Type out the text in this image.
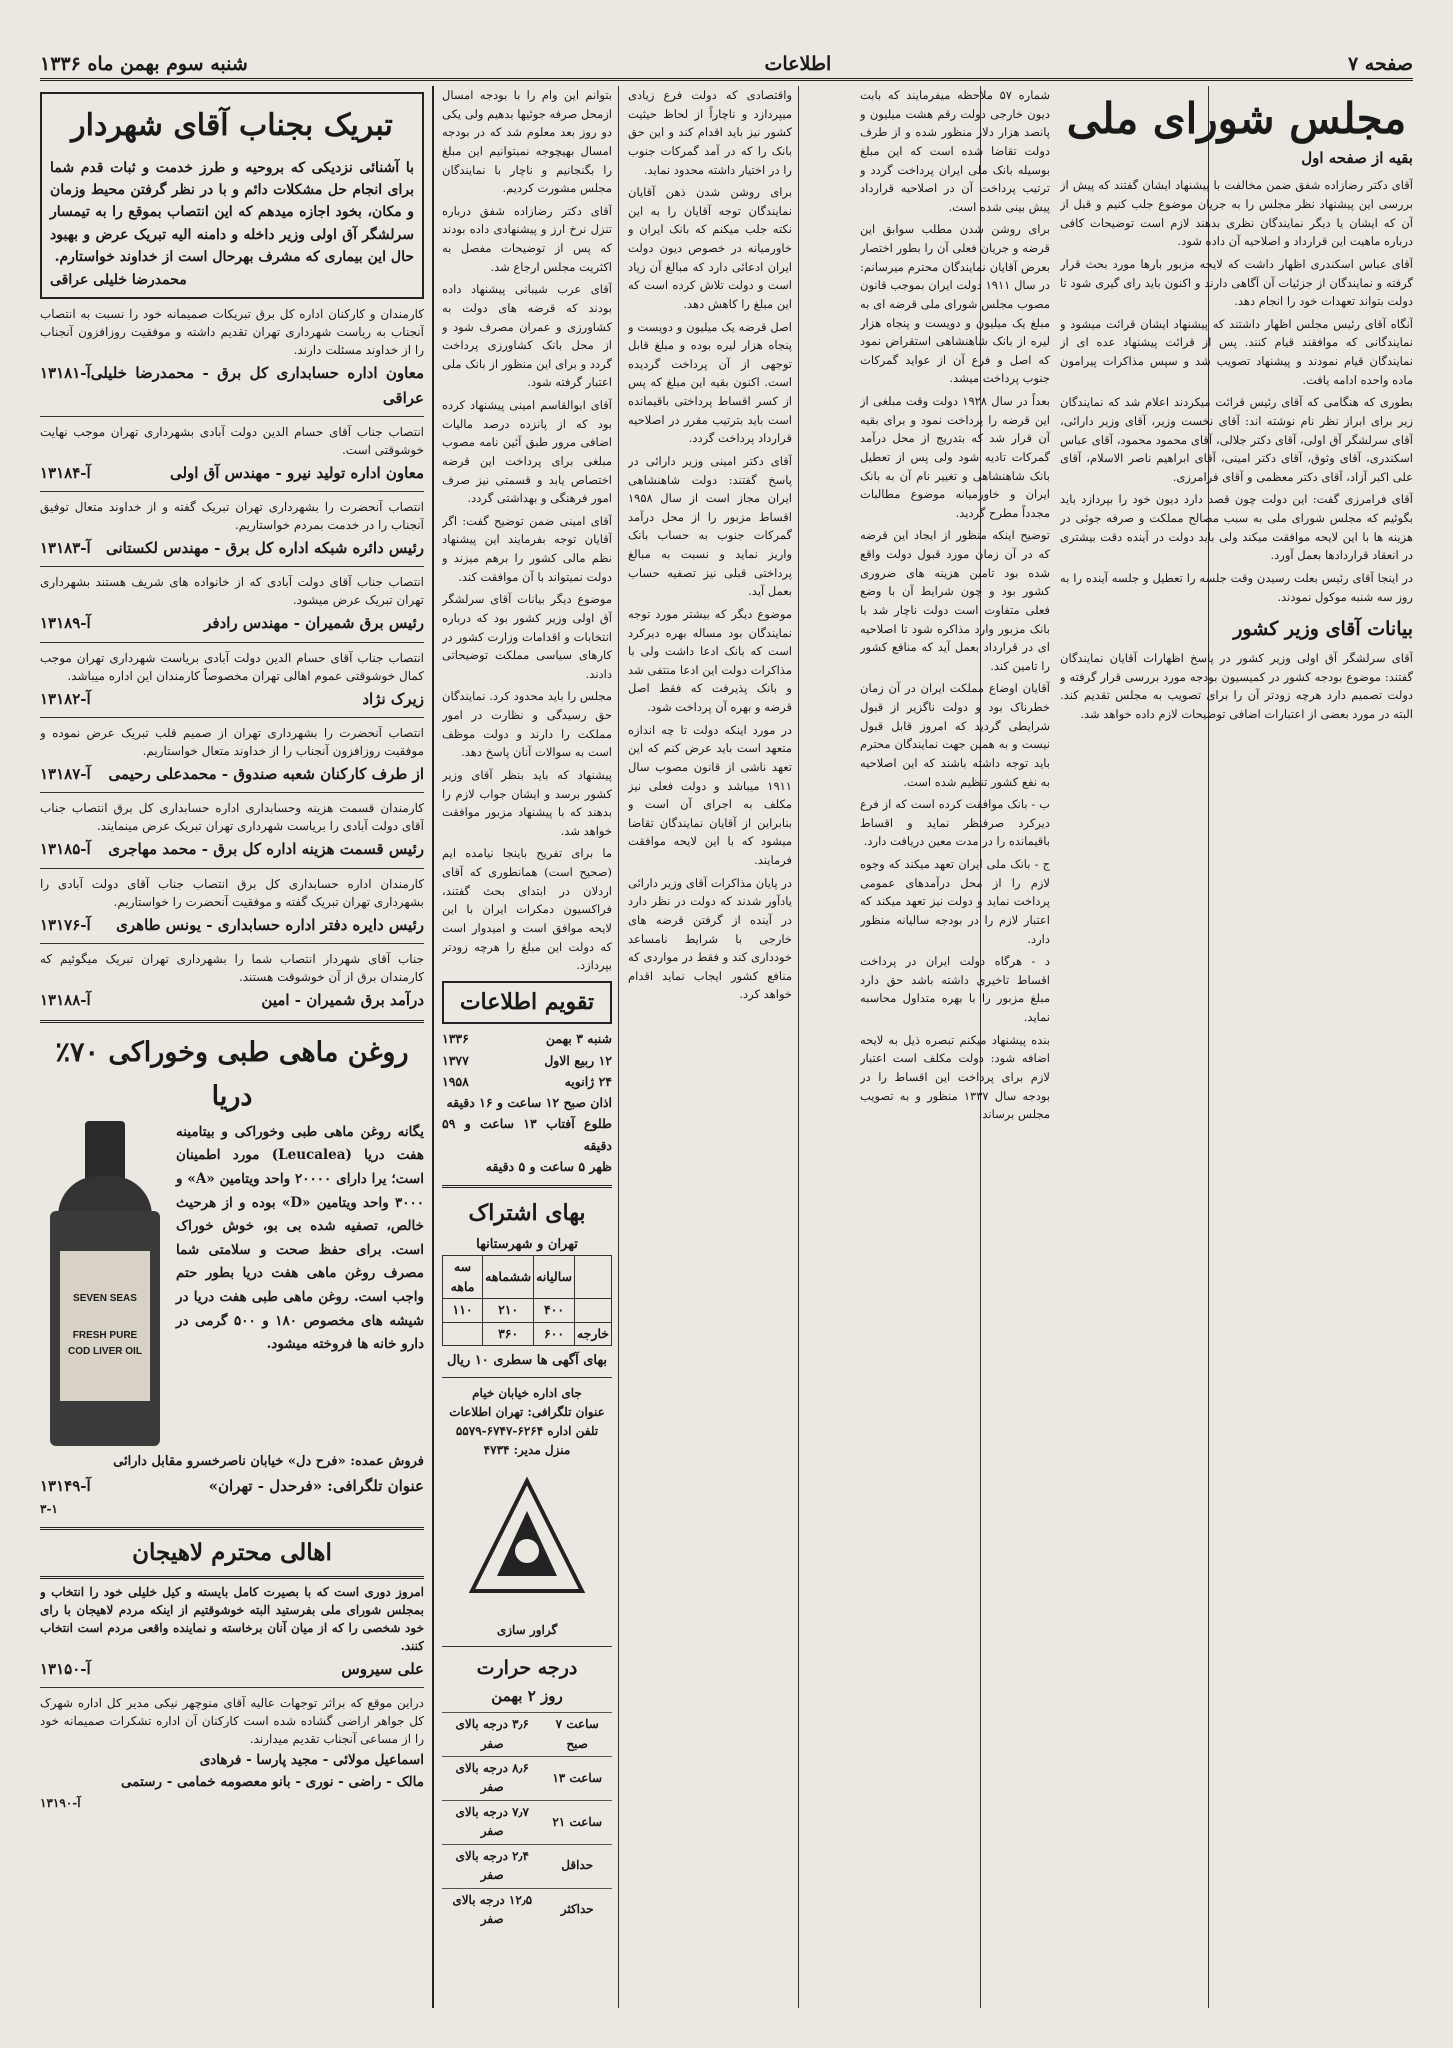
صفحه ۷
اطلاعات
شنبه سوم بهمن ماه ۱۳۳۶
مجلس شورای ملی
بقیه از صفحه اول

آقای دکتر رضازاده شفق ضمن مخالفت با پیشنهاد ایشان گفتند که پیش از بررسی این پیشنهاد نظر مجلس را به جریان موضوع جلب کنیم و قبل از آن که ایشان یا دیگر نمایندگان نظری بدهند لازم است توضیحات کافی درباره ماهیت این قرارداد و اصلاحیه آن داده شود.

آقای عباس اسکندری اظهار داشت که لایحه مزبور بارها مورد بحث قرار گرفته و نمایندگان از جزئیات آن آگاهی دارند و اکنون باید رای گیری شود تا دولت بتواند تعهدات خود را انجام دهد.

آنگاه آقای رئیس مجلس اظهار داشتند که پیشنهاد ایشان قرائت میشود و نمایندگانی که موافقند قیام کنند. پس از قرائت پیشنهاد عده ای از نمایندگان قیام نمودند و پیشنهاد تصویب شد و سپس مذاکرات پیرامون ماده واحده ادامه یافت.

بطوری که هنگامی که آقای رئیس قرائت میکردند اعلام شد که نمایندگان زیر برای ابراز نظر نام نوشته اند: آقای نخست وزیر، آقای وزیر دارائی، آقای سرلشگر آق اولی، آقای دکتر جلالی، آقای محمود محمود، آقای عباس اسکندری، آقای وثوق، آقای دکتر امینی، آقای ابراهیم ناصر الاسلام، آقای علی اکبر آزاد، آقای دکتر معظمی و آقای فرامرزی.

آقای فرامرزی گفت: این دولت چون قصد دارد دیون خود را بپردازد باید بگوئیم که مجلس شورای ملی به سبب مصالح مملکت و صرفه جوئی در هزینه ها با این لایحه موافقت میکند ولی باید دولت در آینده دقت بیشتری در انعقاد قراردادها بعمل آورد.

در اینجا آقای رئیس بعلت رسیدن وقت جلسه را تعطیل و جلسه آینده را به روز سه شنبه موکول نمودند.

بیانات آقای وزیر کشور

آقای سرلشگر آق اولی وزیر کشور در پاسخ اظهارات آقایان نمایندگان گفتند: موضوع بودجه کشور در کمیسیون بودجه مورد بررسی قرار گرفته و دولت تصمیم دارد هرچه زودتر آن را برای تصویب به مجلس تقدیم کند. البته در مورد بعضی از اعتبارات اضافی توضیحات لازم داده خواهد شد.

شماره ۵۷ ملاحظه میفرمایند که بابت دیون خارجی دولت رقم هشت میلیون و پانصد هزار دلار منظور شده و از طرف دولت تقاضا شده است که این مبلغ بوسیله بانک ملی ایران پرداخت گردد و ترتیب پرداخت آن در اصلاحیه قرارداد پیش بینی شده است.

برای روشن شدن مطلب سوابق این قرضه و جریان فعلی آن را بطور اختصار بعرض آقایان نمایندگان محترم میرسانم: در سال ۱۹۱۱ دولت ایران بموجب قانون مصوب مجلس شورای ملی قرضه ای به مبلغ یک میلیون و دویست و پنجاه هزار لیره از بانک شاهنشاهی استقراض نمود که اصل و فرع آن از عواید گمرکات جنوب پرداخت میشد.

بعداً در سال ۱۹۲۸ دولت وقت مبلغی از این قرضه را پرداخت نمود و برای بقیه آن قرار شد که بتدریج از محل درآمد گمرکات تادیه شود ولی پس از تعطیل بانک شاهنشاهی و تغییر نام آن به بانک ایران و خاورمیانه موضوع مطالبات مجدداً مطرح گردید.

توضیح اینکه منظور از ایجاد این قرضه که در آن زمان مورد قبول دولت واقع شده بود تامین هزینه های ضروری کشور بود و چون شرایط آن با وضع فعلی متفاوت است دولت ناچار شد با بانک مزبور وارد مذاکره شود تا اصلاحیه ای در قرارداد بعمل آید که منافع کشور را تامین کند.

آقایان اوضاع مملکت ایران در آن زمان خطرناک بود و دولت ناگزیر از قبول شرایطی گردید که امروز قابل قبول نیست و به همین جهت نمایندگان محترم باید توجه داشته باشند که این اصلاحیه به نفع کشور تنظیم شده است.

ب - بانک موافقت کرده است که از فرع دیرکرد صرفنظر نماید و اقساط باقیمانده را در مدت معین دریافت دارد.

ج - بانک ملی ایران تعهد میکند که وجوه لازم را از محل درآمدهای عمومی پرداخت نماید و دولت نیز تعهد میکند که اعتبار لازم را در بودجه سالیانه منظور دارد.

د - هرگاه دولت ایران در پرداخت اقساط تاخیری داشته باشد حق دارد مبلغ مزبور را با بهره متداول محاسبه نماید.

بنده پیشنهاد میکنم تبصره ذیل به لایحه اضافه شود: دولت مکلف است اعتبار لازم برای پرداخت این اقساط را در بودجه سال ۱۳۳۷ منظور و به تصویب مجلس برساند.

واقتصادی که دولت فرع زیادی میپردازد و ناچاراً از لحاظ حیثیت کشور نیز باید اقدام کند و این حق بانک را که در آمد گمرکات جنوب را در اختیار داشته محدود نماید.

برای روشن شدن ذهن آقایان نمایندگان توجه آقایان را به این نکته جلب میکنم که بانک ایران و خاورمیانه در خصوص دیون دولت ایران ادعائی دارد که مبالغ آن زیاد است و دولت تلاش کرده است که این مبلغ را کاهش دهد.

اصل قرضه یک میلیون و دویست و پنجاه هزار لیره بوده و مبلغ قابل توجهی از آن پرداخت گردیده است. اکنون بقیه این مبلغ که پس از کسر اقساط پرداختی باقیمانده است باید بترتیب مقرر در اصلاحیه قرارداد پرداخت گردد.

آقای دکتر امینی وزیر دارائی در پاسخ گفتند: دولت شاهنشاهی ایران مجاز است از سال ۱۹۵۸ اقساط مزبور را از محل درآمد گمرکات جنوب به حساب بانک واریز نماید و نسبت به مبالغ پرداختی قبلی نیز تصفیه حساب بعمل آید.

موضوع دیگر که بیشتر مورد توجه نمایندگان بود مساله بهره دیرکرد است که بانک ادعا داشت ولی با مذاکرات دولت این ادعا منتفی شد و بانک پذیرفت که فقط اصل قرضه و بهره آن پرداخت شود.

در مورد اینکه دولت تا چه اندازه متعهد است باید عرض کنم که این تعهد ناشی از قانون مصوب سال ۱۹۱۱ میباشد و دولت فعلی نیز مکلف به اجرای آن است و بنابراین از آقایان نمایندگان تقاضا میشود که با این لایحه موافقت فرمایند.

در پایان مذاکرات آقای وزیر دارائی یادآور شدند که دولت در نظر دارد در آینده از گرفتن قرضه های خارجی با شرایط نامساعد خودداری کند و فقط در مواردی که منافع کشور ایجاب نماید اقدام خواهد کرد.

بتوانم این وام را با بودجه امسال ازمحل صرفه جوئیها بدهیم ولی یکی دو روز بعد معلوم شد که در بودجه امسال بهیچوجه نمیتوانیم این مبلغ را بگنجانیم و ناچار با نمایندگان مجلس مشورت کردیم.

آقای دکتر رضازاده شفق درباره تنزل نرخ ارز و پیشنهادی داده بودند که پس از توضیحات مفصل به اکثریت مجلس ارجاع شد.

آقای عرب شیبانی پیشنهاد داده بودند که قرضه های دولت به کشاورزی و عمران مصرف شود و از محل بانک کشاورزی پرداخت گردد و برای این منظور از بانک ملی اعتبار گرفته شود.

آقای ابوالقاسم امینی پیشنهاد کرده بود که از پانزده درصد مالیات اضافی مرور طبق آئین نامه مصوب مبلغی برای پرداخت این قرضه اختصاص یابد و قسمتی نیز صرف امور فرهنگی و بهداشتی گردد.

آقای امینی ضمن توضیح گفت: اگر آقایان توجه بفرمایند این پیشنهاد نظم مالی کشور را برهم میزند و دولت نمیتواند با آن موافقت کند.

موضوع دیگر بیانات آقای سرلشگر آق اولی وزیر کشور بود که درباره انتخابات و اقدامات وزارت کشور در کارهای سیاسی مملکت توضیحاتی دادند.

مجلس را باید محدود کرد. نمایندگان حق رسیدگی و نظارت در امور مملکت را دارند و دولت موظف است به سوالات آنان پاسخ دهد.

پیشنهاد که باید بنظر آقای وزیر کشور برسد و ایشان جواب لازم را بدهند که با پیشنهاد مزبور موافقت خواهد شد.

ما برای تفریح باینجا نیامده ایم (صحیح است) همانطوری که آقای اردلان در ابتدای بحث گفتند، فراکسیون دمکرات ایران با این لایحه موافق است و امیدوار است که دولت این مبلغ را هرچه زودتر بپردازد.

تقویم اطلاعات
شنبه ۳ بهمن
۱۳۳۶
۱۲ ربیع الاول
۱۳۷۷
۲۴ ژانویه
۱۹۵۸
اذان صبح ۱۲ ساعت و ۱۶ دقیقه
طلوع آفتاب ۱۳ ساعت و ۵۹ دقیقه
ظهر ۵ ساعت و ۵ دقیقه
بهای اشتراک
تهران و شهرستانها
	سالیانه	ششماهه	سه ماهه
	۴۰۰	۲۱۰	۱۱۰
خارجه	۶۰۰	۳۶۰	
بهای آگهی ها سطری ۱۰ ریال
جای اداره خیابان خیام
عنوان تلگرافی: تهران اطلاعات
تلفن اداره ۶۲۶۴-۶۷۴۷-۵۵۷۹
منزل مدیر: ۴۷۳۴
گراور سازی
درجه حرارت
روز ۲ بهمن
ساعت ۷ صبح	۳٫۶ درجه بالای صفر
ساعت ۱۳	۸٫۶ درجه بالای صفر
ساعت ۲۱	۷٫۷ درجه بالای صفر
حداقل	۲٫۴ درجه بالای صفر
حداکثر	۱۲٫۵ درجه بالای صفر
تبریک بجناب آقای شهردار
با آشنائی نزدیکی که بروحیه و طرز خدمت و ثبات قدم شما برای انجام حل مشکلات دائم و با در نظر گرفتن محیط وزمان و مکان، بخود اجازه میدهم که این انتصاب بموقع را به تیمسار سرلشگر آق اولی وزیر داخله و دامنه الیه تبریک عرض و بهبود حال این بیماری که مشرف بهرحال است از خداوند خواستارم.
محمدرضا خلیلی عراقی
کارمندان و کارکنان اداره کل برق تبریکات صمیمانه خود را نسبت به انتصاب آنجناب به ریاست شهرداری تهران تقدیم داشته و موفقیت روزافزون آنجناب را از خداوند مسئلت دارند.
معاون اداره حسابداری کل برق - محمدرضا خلیلی عراقی
آ-۱۳۱۸۱
انتصاب جناب آقای حسام الدین دولت آبادی بشهرداری تهران موجب نهایت خوشوقتی است.
معاون اداره تولید نیرو - مهندس آق اولی
آ-۱۳۱۸۴
انتصاب آنحضرت را بشهرداری تهران تبریک گفته و از خداوند متعال توفیق آنجناب را در خدمت بمردم خواستاریم.
رئیس دائره شبکه اداره کل برق - مهندس لکستانی
آ-۱۳۱۸۳
انتصاب جناب آقای دولت آبادی که از خانواده های شریف هستند بشهرداری تهران تبریک عرض میشود.
رئیس برق شمیران - مهندس رادفر
آ-۱۳۱۸۹
انتصاب جناب آقای حسام الدین دولت آبادی بریاست شهرداری تهران موجب کمال خوشوقتی عموم اهالی تهران مخصوصاً کارمندان این اداره میباشد.
زیرک نژاد
آ-۱۳۱۸۲
انتصاب آنحضرت را بشهرداری تهران از صمیم قلب تبریک عرض نموده و موفقیت روزافزون آنجناب را از خداوند متعال خواستاریم.
از طرف کارکنان شعبه صندوق - محمدعلی رحیمی
آ-۱۳۱۸۷
کارمندان قسمت هزینه وحسابداری اداره حسابداری کل برق انتصاب جناب آقای دولت آبادی را بریاست شهرداری تهران تبریک عرض مینمایند.
رئیس قسمت هزینه اداره کل برق - محمد مهاجری
آ-۱۳۱۸۵
کارمندان اداره حسابداری کل برق انتصاب جناب آقای دولت آبادی را بشهرداری تهران تبریک گفته و موفقیت آنحضرت را خواستاریم.
رئیس دایره دفتر اداره حسابداری - یونس طاهری
آ-۱۳۱۷۶
جناب آقای شهردار انتصاب شما را بشهرداری تهران تبریک میگوئیم که کارمندان برق از آن خوشوقت هستند.
درآمد برق شمیران - امین
آ-۱۳۱۸۸
روغن ماهی طبی وخوراکی ۷۰٪ دریا
یگانه روغن ماهی طبی وخوراکی و بیتامینه هفت دریا (Leucalea) مورد اطمینان است؛ یرا دارای ۲۰۰۰۰ واحد ویتامین «A» و ۳۰۰۰ واحد ویتامین «D» بوده و از هرحیث خالص، تصفیه شده بی بو، خوش خوراک است. برای حفظ صحت و سلامتی شما مصرف روغن ماهی هفت دریا بطور حتم واجب است. روغن ماهی طبی هفت دریا در شیشه های مخصوص ۱۸۰ و ۵۰۰ گرمی در دارو خانه ها فروخته میشود.
SEVEN SEAS
FRESH PURE
COD LIVER OIL
فروش عمده: «فرح دل» خیابان ناصرخسرو مقابل دارائی
عنوان تلگرافی: «فرحدل - تهران»
آ-۱۳۱۴۹
۳-۱
اهالی محترم لاهیجان
امروز دوری است که با بصیرت کامل بایسته و کیل خلیلی خود را انتخاب و بمجلس شورای ملی بفرستید البته خوشوقتیم از اینکه مردم لاهیجان با رای خود شخصی را که از میان آنان برخاسته و نماینده واقعی مردم است انتخاب کنند.
علی سیروس
آ-۱۳۱۵۰
دراین موقع که براثر توجهات عالیه آقای منوچهر نیکی مدیر کل اداره شهرک کل جواهر اراضی گشاده شده است کارکنان آن اداره تشکرات صمیمانه خود را از مساعی آنجناب تقدیم میدارند.
اسماعیل مولائی - مجید پارسا - فرهادی
مالک - راضی - نوری - بانو معصومه خمامی - رستمی
آ-۱۳۱۹۰
